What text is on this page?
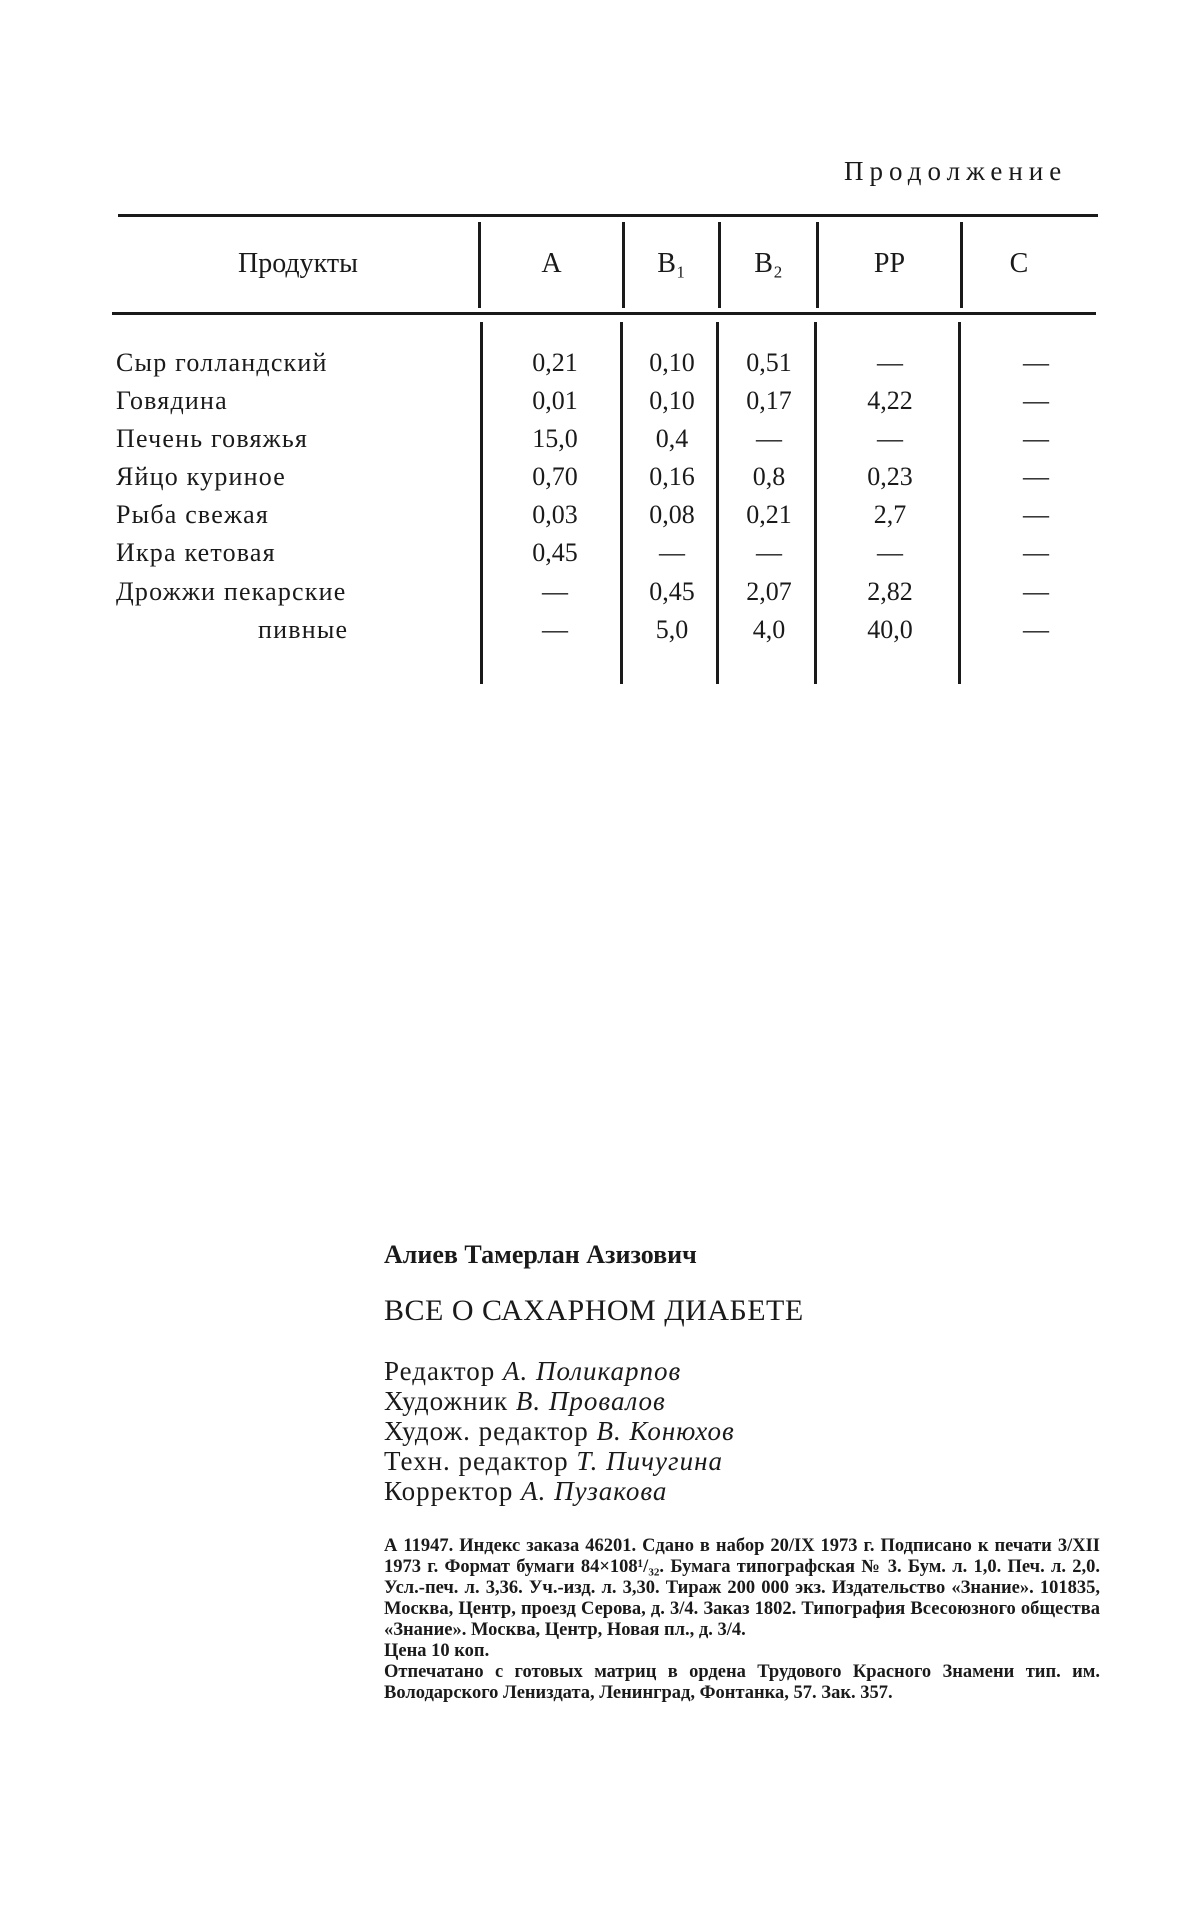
Продолжение
Продукты	A	B₁	B₂	PP	C
Сыр голландский	0,21	0,10	0,51	—	—
Говядина	0,01	0,10	0,17	4,22	—
Печень говяжья	15,0	0,4	—	—	—
Яйцо куриное	0,70	0,16	0,8	0,23	—
Рыба свежая	0,03	0,08	0,21	2,7	—
Икра кетовая	0,45	—	—	—	—
Дрожжи пекарские	—	0,45	2,07	2,82	—
пивные	—	5,0	4,0	40,0	—
Алиев Тамерлан Азизович
ВСЕ О САХАРНОМ ДИАБЕТЕ
Редактор А. Поликарпов
Художник В. Провалов
Худож. редактор В. Конюхов
Техн. редактор Т. Пичугина
Корректор А. Пузакова

А 11947. Индекс заказа 46201. Сдано в набор 20/IX 1973 г. Подписано к печати 3/XII 1973 г. Формат бумаги 84×108¹/₃₂. Бумага типографская № 3. Бум. л. 1,0. Печ. л. 2,0. Усл.-печ. л. 3,36. Уч.-изд. л. 3,30. Тираж 200 000 экз. Издательство «Знание». 101835, Москва, Центр, проезд Серова, д. 3/4. Заказ 1802. Типография Всесоюзного общества «Знание». Москва, Центр, Новая пл., д. 3/4.

Цена 10 коп.

Отпечатано с готовых матриц в ордена Трудового Красного Знамени тип. им. Володарского Лениздата, Ленинград, Фонтанка, 57. Зак. 357.
